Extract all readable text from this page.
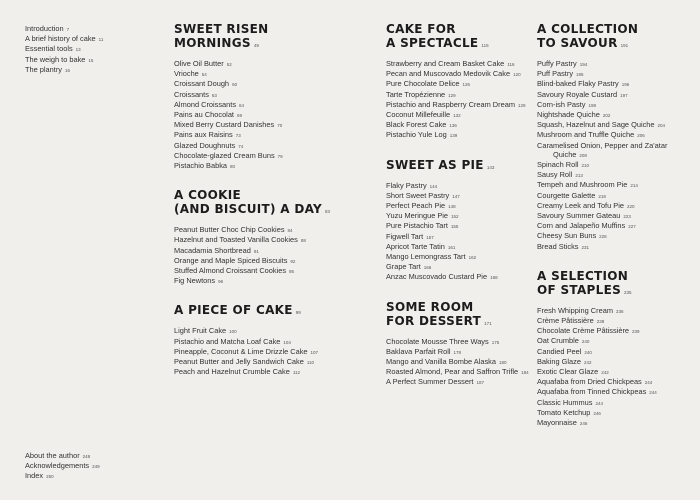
Introduction 7
A brief history of cake 11
Essential tools 13
The weigh to bake 15
The plantry 16
SWEET RISEN
MORNINGS 49
Olive Oil Butter 52
Vrioche 54
Croissant Dough 60
Croissants 63
Almond Croissants 64
Pains au Chocolat 69
Mixed Berry Custard Danishes 70
Pains aux Raisins 73
Glazed Doughnuts 74
Chocolate-glazed Cream Buns 79
Pistachio Babka 80
A COOKIE
(AND BISCUIT) A DAY 83
Peanut Butter Choc Chip Cookies 84
Hazelnut and Toasted Vanilla Cookies 88
Macadamia Shortbread 91
Orange and Maple Spiced Biscuits 92
Stuffed Almond Croissant Cookies 95
Fig Newtons 96
A PIECE OF CAKE 99
Light Fruit Cake 100
Pistachio and Matcha Loaf Cake 104
Pineapple, Coconut & Lime Drizzle Cake 107
Peanut Butter and Jelly Sandwich Cake 110
Peach and Hazelnut Crumble Cake 112
CAKE FOR
A SPECTACLE 115
Strawberry and Cream Basket Cake 116
Pecan and Muscovado Medovik Cake 120
Pure Chocolate Delice 126
Tarte Tropézienne 129
Pistachio and Raspberry Cream Dream 129
Coconut Millefeuille 132
Black Forest Cake 136
Pistachio Yule Log 139
SWEET AS PIE 143
Flaky Pastry 144
Short Sweet Pastry 147
Perfect Peach Pie 148
Yuzu Meringue Pie 152
Pure Pistachio Tart 155
Figwell Tart 157
Apricot Tarte Tatin 161
Mango Lemongrass Tart 162
Grape Tart 166
Anzac Muscovado Custard Pie 168
SOME ROOM
FOR DESSERT 171
Chocolate Mousse Three Ways 175
Baklava Parfait Roll 178
Mango and Vanilla Bombe Alaska 180
Roasted Almond, Pear and Saffron Trifle 184
A Perfect Summer Dessert 187
A COLLECTION
TO SAVOUR 191
Puffy Pastry 194
Puff Pastry 195
Blind-baked Flaky Pastry 196
Savoury Royale Custard 197
Corn-ish Pasty 198
Nightshade Quiche 202
Squash, Hazelnut and Sage Quiche 204
Mushroom and Truffle Quiche 206
Caramelised Onion, Pepper and Za'atar
Quiche 208
Spinach Roll 210
Sausy Roll 213
Tempeh and Mushroom Pie 214
Courgette Galette 218
Creamy Leek and Tofu Pie 220
Savoury Summer Gateau 223
Corn and Jalapeño Muffins 227
Cheesy Sun Buns 228
Bread Sticks 231
A SELECTION
OF STAPLES 235
Fresh Whipping Cream 236
Crème Pâtissière 238
Chocolate Crème Pâtissière 239
Oat Crumble 240
Candied Peel 240
Baking Glaze 242
Exotic Clear Glaze 242
Aquafaba from Dried Chickpeas 244
Aquafaba from Tinned Chickpeas 244
Classic Hummus 244
Tomato Ketchup 246
Mayonnaise 246
About the author 248
Acknowledgements 249
Index 250
